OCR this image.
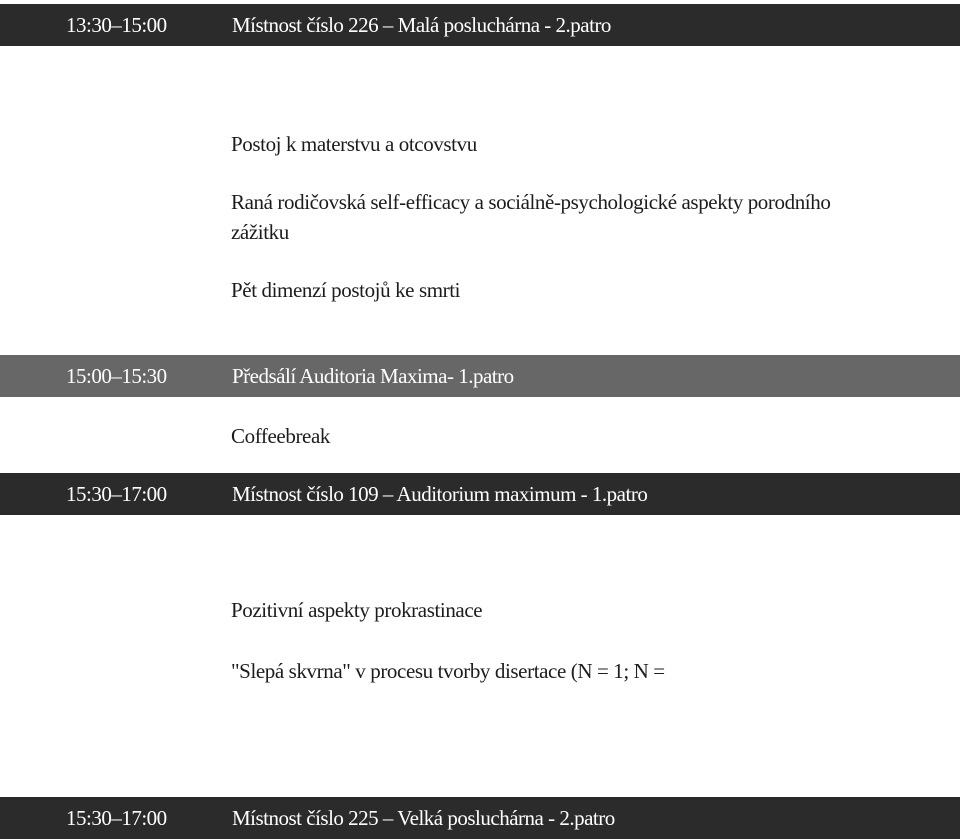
13:30–15:00	Místnost číslo 226 – Malá posluchárna - 2.patro
Postoj k materstvu a otcovstvu
Raná rodičovská self-efficacy a sociálně-psychologické aspekty porodního zážitku
Pět dimenzí postojů ke smrti
15:00–15:30	Předsálí Auditoria Maxima- 1.patro
Coffeebreak
15:30–17:00	Místnost číslo 109 – Auditorium maximum - 1.patro
Pozitivní aspekty prokrastinace
"Slepá skvrna" v procesu tvorby disertace (N = 1; N =
15:30–17:00	Místnost číslo 225 – Velká posluchárna - 2.patro
